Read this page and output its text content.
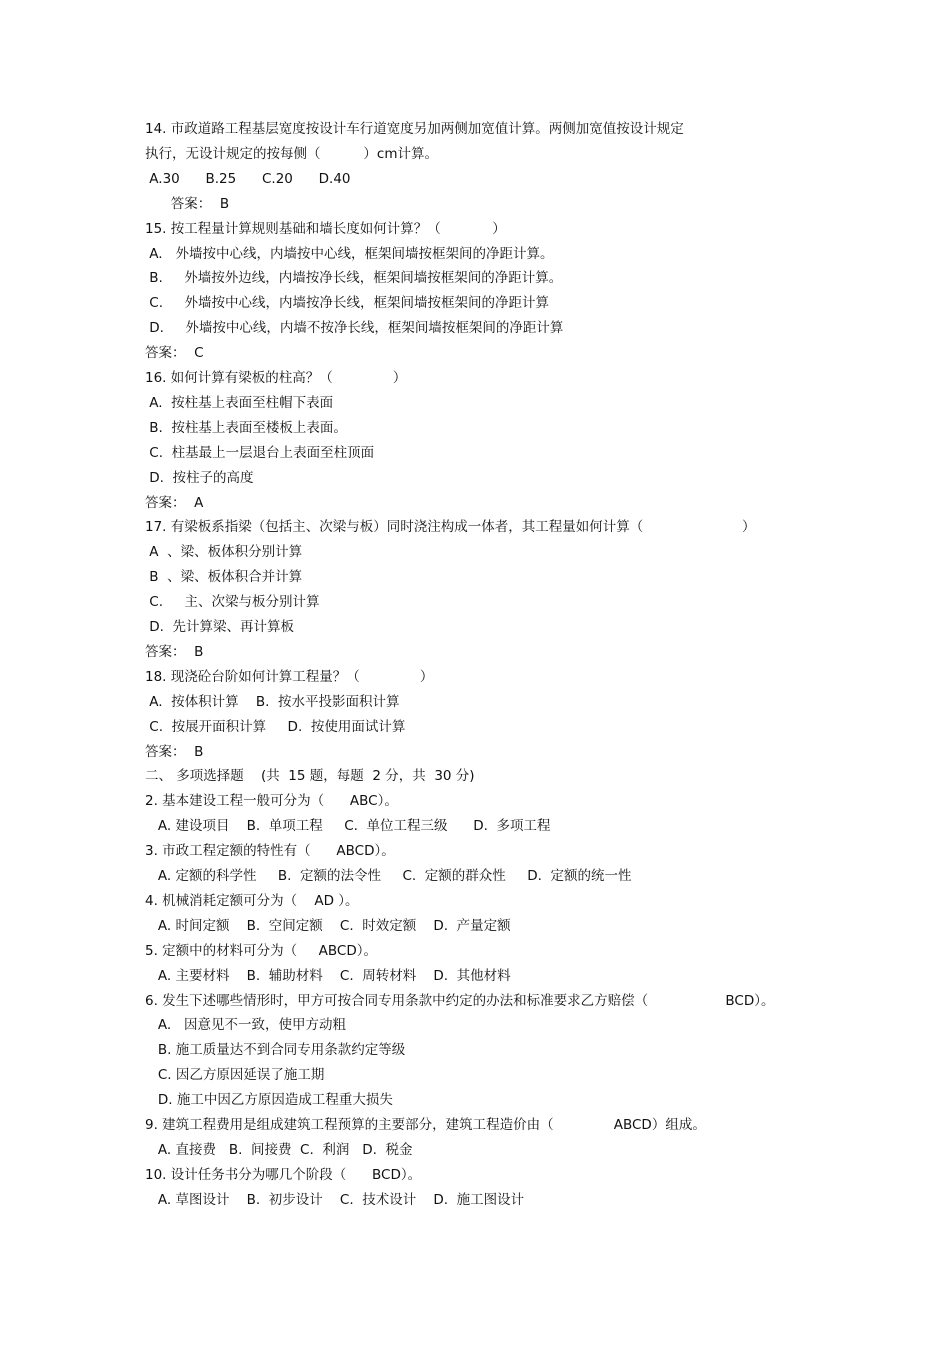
14. 市政道路工程基层宽度按设计车行道宽度另加两侧加宽值计算。两侧加宽值按设计规定
执行，无设计规定的按每侧（          ）cm计算。
A.30      B.25      C.20      D.40
答案：  B
15. 按工程量计算规则基础和墙长度如何计算？（            ）
A.   外墙按中心线，内墙按中心线，框架间墙按框架间的净距计算。
B.     外墙按外边线，内墙按净长线，框架间墙按框架间的净距计算。
C.     外墙按中心线，内墙按净长线，框架间墙按框架间的净距计算
D.     外墙按中心线，内墙不按净长线，框架间墙按框架间的净距计算
答案：  C
16. 如何计算有梁板的柱高？（              ）
A.  按柱基上表面至柱帽下表面
B.  按柱基上表面至楼板上表面。
C.  柱基最上一层退台上表面至柱顶面
D.  按柱子的高度
答案：  A
17. 有梁板系指梁（包括主、次梁与板）同时浇注构成一体者，其工程量如何计算（                       ）
A  、梁、板体积分别计算
B  、梁、板体积合并计算
C.     主、次梁与板分别计算
D.  先计算梁、再计算板
答案：  B
18. 现浇砼台阶如何计算工程量？（              ）
A.  按体积计算    B.  按水平投影面积计算
C.  按展开面积计算     D.  按使用面试计算
答案：  B
二、 多项选择题    (共  15 题，每题  2 分，共  30 分)
2. 基本建设工程一般可分为（      ABC）。
A. 建设项目    B.  单项工程     C.  单位工程三级      D.  多项工程
3. 市政工程定额的特性有（      ABCD）。
A. 定额的科学性     B.  定额的法令性     C.  定额的群众性     D.  定额的统一性
4. 机械消耗定额可分为（    AD ）。
A. 时间定额    B.  空间定额    C.  时效定额    D.  产量定额
5. 定额中的材料可分为（     ABCD）。
A. 主要材料    B.  辅助材料    C.  周转材料    D.  其他材料
6. 发生下述哪些情形时，甲方可按合同专用条款中约定的办法和标准要求乙方赔偿（                  BCD）。
A.   因意见不一致，使甲方动粗
B. 施工质量达不到合同专用条款约定等级
C. 因乙方原因延误了施工期
D. 施工中因乙方原因造成工程重大损失
9. 建筑工程费用是组成建筑工程预算的主要部分，建筑工程造价由（              ABCD）组成。
A. 直接费   B.  间接费  C.  利润   D.  税金
10. 设计任务书分为哪几个阶段（      BCD）。
A. 草图设计    B.  初步设计    C.  技术设计    D.  施工图设计
